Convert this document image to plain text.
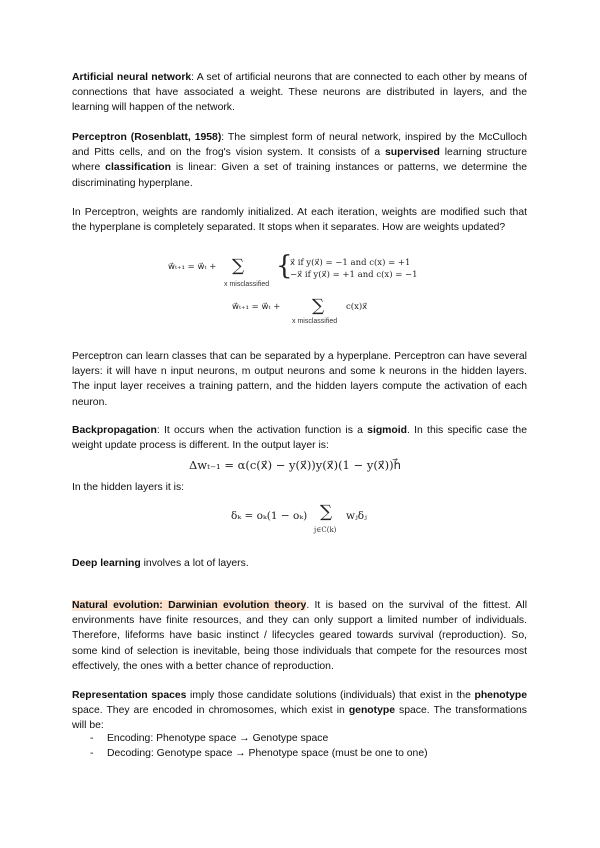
Artificial neural network: A set of artificial neurons that are connected to each other by means of connections that have associated a weight. These neurons are distributed in layers, and the learning will happen of the network.

Perceptron (Rosenblatt, 1958): The simplest form of neural network, inspired by the McCulloch and Pitts cells, and on the frog's vision system. It consists of a supervised learning structure where classification is linear: Given a set of training instances or patterns, we determine the discriminating hyperplane.

In Perceptron, weights are randomly initialized. At each iteration, weights are modified such that the hyperplane is completely separated. It stops when it separates. How are weights updated?

w⃗ₜ₊₁ = w⃗ₜ + ∑
x misclassified
{
x⃗ if y(x⃗) = −1 and c(x) = +1
−x⃗ if y(x⃗) = +1 and c(x) = −1
w⃗ₜ₊₁ = w⃗ₜ + ∑
x misclassified
c(x)x⃗

Perceptron can learn classes that can be separated by a hyperplane. Perceptron can have several layers: it will have n input neurons, m output neurons and some k neurons in the hidden layers. The input layer receives a training pattern, and the hidden layers compute the activation of each neuron.

Backpropagation: It occurs when the activation function is a sigmoid. In this specific case the weight update process is different. In the output layer is:

Δwₜ₋₁ = α(c(x⃗) − y(x⃗))y(x⃗)(1 − y(x⃗))h⃗

In the hidden layers it is:

δₖ = oₖ(1 − oₖ) ∑
j∈C(k)
wⱼδⱼ

Deep learning involves a lot of layers.

Natural evolution: Darwinian evolution theory. It is based on the survival of the fittest. All environments have finite resources, and they can only support a limited number of individuals. Therefore, lifeforms have basic instinct / lifecycles geared towards survival (reproduction). So, some kind of selection is inevitable, being those individuals that compete for the resources most effectively, the ones with a better chance of reproduction.

Representation spaces imply those candidate solutions (individuals) that exist in the phenotype space. They are encoded in chromosomes, which exist in genotype space. The transformations will be:

- Encoding: Phenotype space → Genotype space
- Decoding: Genotype space → Phenotype space (must be one to one)
